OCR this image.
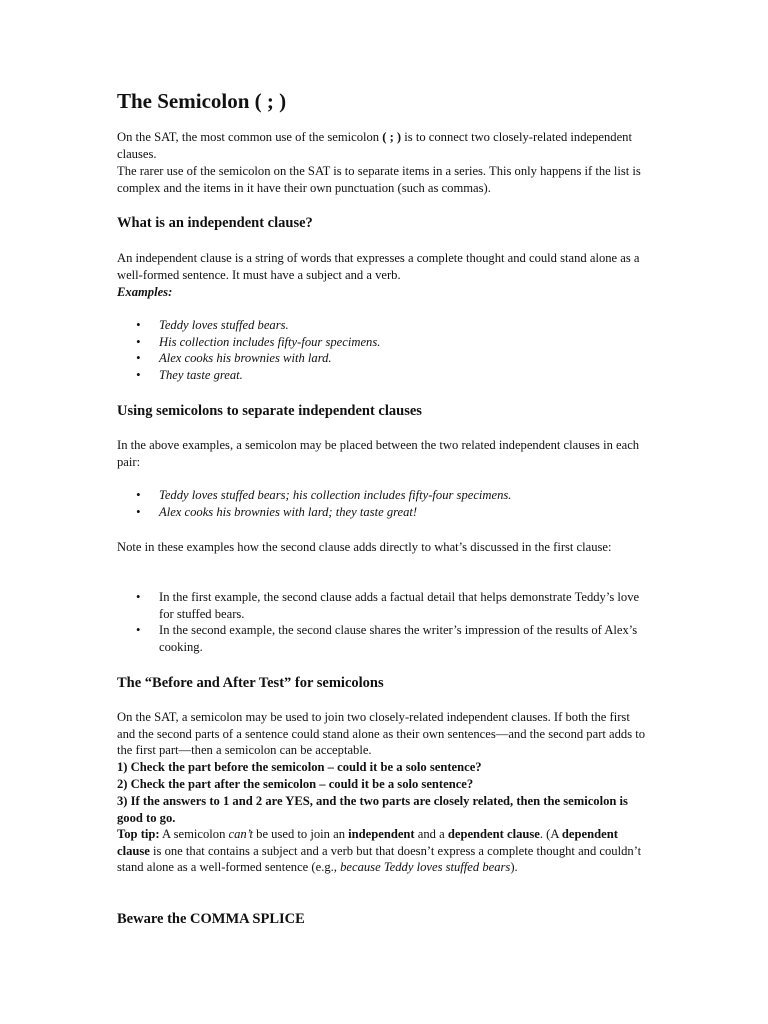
The Semicolon ( ; )

On the SAT, the most common use of the semicolon ( ; ) is to connect two closely-related independent clauses.

The rarer use of the semicolon on the SAT is to separate items in a series. This only happens if the list is complex and the items in it have their own punctuation (such as commas).

What is an independent clause?

An independent clause is a string of words that expresses a complete thought and could stand alone as a well-formed sentence. It must have a subject and a verb.

Examples:

• Teddy loves stuffed bears.
• His collection includes fifty-four specimens.
• Alex cooks his brownies with lard.
• They taste great.
Using semicolons to separate independent clauses

In the above examples, a semicolon may be placed between the two related independent clauses in each pair:

• Teddy loves stuffed bears; his collection includes fifty-four specimens.
• Alex cooks his brownies with lard; they taste great!

Note in these examples how the second clause adds directly to what’s discussed in the first clause:

• In the first example, the second clause adds a factual detail that helps demonstrate Teddy’s love for stuffed bears.
• In the second example, the second clause shares the writer’s impression of the results of Alex’s cooking.
The “Before and After Test” for semicolons

On the SAT, a semicolon may be used to join two closely-related independent clauses. If both the first and the second parts of a sentence could stand alone as their own sentences—and the second part adds to the first part—then a semicolon can be acceptable.

1) Check the part before the semicolon – could it be a solo sentence?

2) Check the part after the semicolon – could it be a solo sentence?

3) If the answers to 1 and 2 are YES, and the two parts are closely related, then the semicolon is good to go.

Top tip: A semicolon can’t be used to join an independent and a dependent clause. (A dependent clause is one that contains a subject and a verb but that doesn’t express a complete thought and couldn’t stand alone as a well-formed sentence (e.g., because Teddy loves stuffed bears).

Beware the COMMA SPLICE
